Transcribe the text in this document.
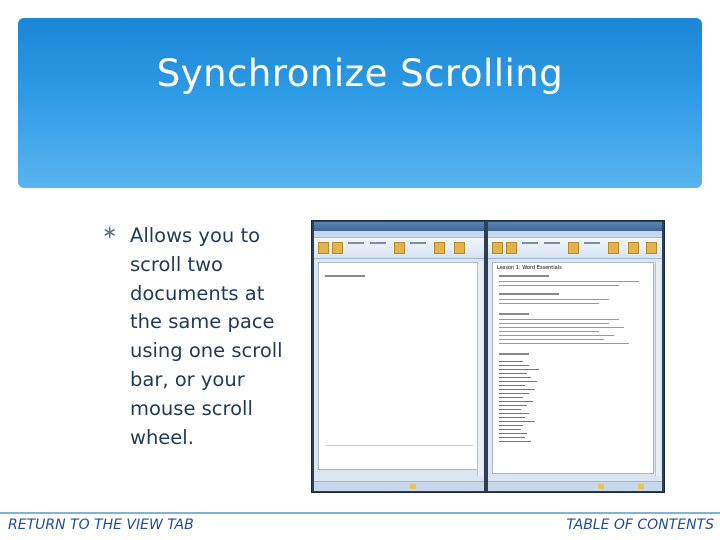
Synchronize Scrolling
∗ Allows you to scroll two documents at the same pace using one scroll bar, or your mouse scroll wheel.
Lesson 1: Word Essentials
RETURN TO THE VIEW TAB	TABLE OF CONTENTS
